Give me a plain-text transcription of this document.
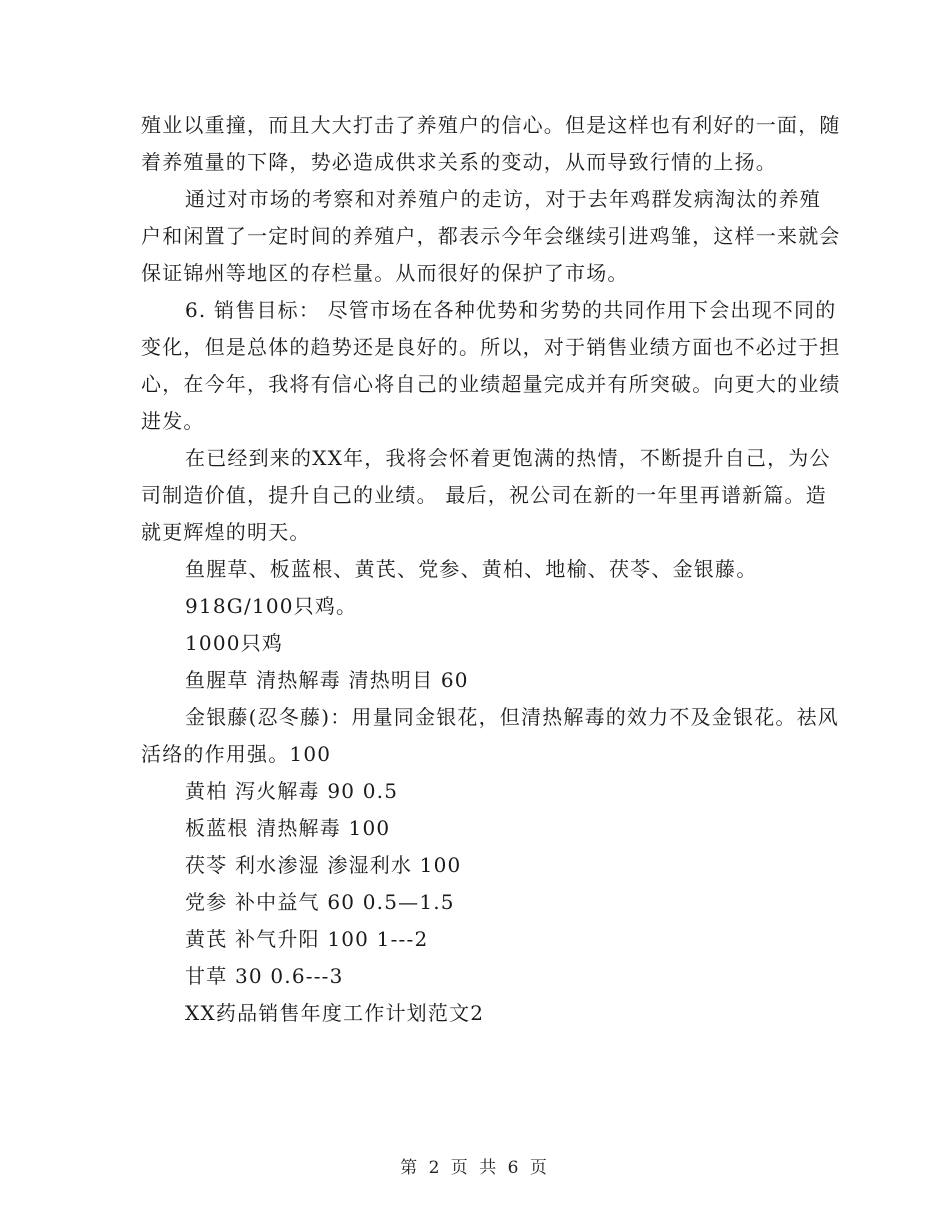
殖业以重撞，而且大大打击了养殖户的信心。但是这样也有利好的一面，随着养殖量的下降，势必造成供求关系的变动，从而导致行情的上扬。

通过对市场的考察和对养殖户的走访，对于去年鸡群发病淘汰的养殖户和闲置了一定时间的养殖户，都表示今年会继续引进鸡雏，这样一来就会保证锦州等地区的存栏量。从而很好的保护了市场。

6. 销售目标： 尽管市场在各种优势和劣势的共同作用下会出现不同的变化，但是总体的趋势还是良好的。所以，对于销售业绩方面也不必过于担心，在今年，我将有信心将自己的业绩超量完成并有所突破。向更大的业绩进发。

在已经到来的XX年，我将会怀着更饱满的热情，不断提升自己，为公司制造价值，提升自己的业绩。 最后，祝公司在新的一年里再谱新篇。造就更辉煌的明天。

鱼腥草、板蓝根、黄芪、党参、黄柏、地榆、茯苓、金银藤。

918G/100只鸡。

1000只鸡

鱼腥草 清热解毒 清热明目 60

金银藤(忍冬藤)：用量同金银花，但清热解毒的效力不及金银花。祛风活络的作用强。100

黄柏 泻火解毒 90 0.5

板蓝根 清热解毒 100

茯苓 利水渗湿 渗湿利水 100

党参 补中益气 60 0.5—1.5

黄芪 补气升阳 100 1---2

甘草 30 0.6---3

XX药品销售年度工作计划范文2

第 2 页 共 6 页
